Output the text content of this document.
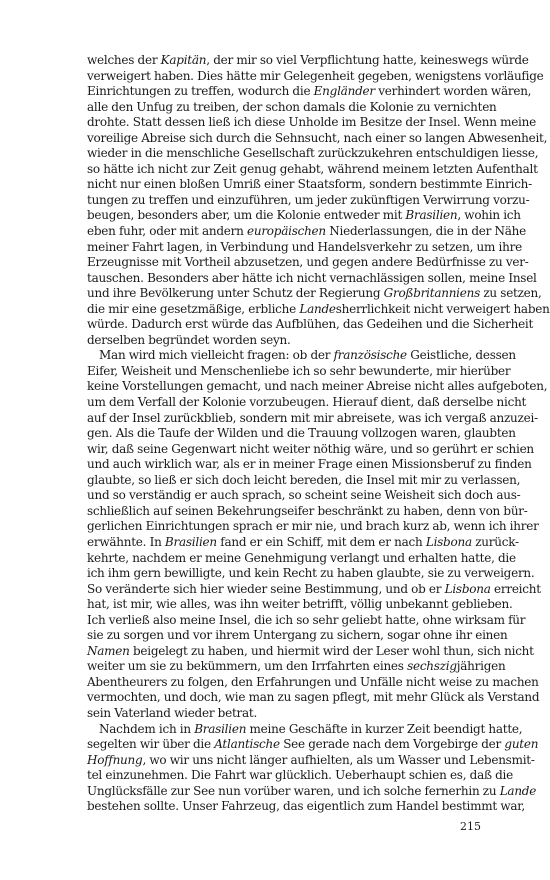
welches der Kapitän, der mir so viel Verpflichtung hatte, keineswegs würde
verweigert haben. Dies hätte mir Gelegenheit gegeben, wenigstens vorläufige
Einrichtungen zu treffen, wodurch die Engländer verhindert worden wären,
alle den Unfug zu treiben, der schon damals die Kolonie zu vernichten
drohte. Statt dessen ließ ich diese Unholde im Besitze der Insel. Wenn meine
voreilige Abreise sich durch die Sehnsucht, nach einer so langen Abwesenheit,
wieder in die menschliche Gesellschaft zurückzukehren entschuldigen liesse,
so hätte ich nicht zur Zeit genug gehabt, während meinem letzten Aufenthalt
nicht nur einen bloßen Umriß einer Staatsform, sondern bestimmte Einrich-
tungen zu treffen und einzuführen, um jeder zukünftigen Verwirrung vorzu-
beugen, besonders aber, um die Kolonie entweder mit Brasilien, wohin ich
eben fuhr, oder mit andern europäischen Niederlassungen, die in der Nähe
meiner Fahrt lagen, in Verbindung und Handelsverkehr zu setzen, um ihre
Erzeugnisse mit Vortheil abzusetzen, und gegen andere Bedürfnisse zu ver-
tauschen. Besonders aber hätte ich nicht vernachlässigen sollen, meine Insel
und ihre Bevölkerung unter Schutz der Regierung Großbritanniens zu setzen,
die mir eine gesetzmäßige, erbliche Landesherrlichkeit nicht verweigert haben
würde. Dadurch erst würde das Aufblühen, das Gedeihen und die Sicherheit
derselben begründet worden seyn.
Man wird mich vielleicht fragen: ob der französische Geistliche, dessen
Eifer, Weisheit und Menschenliebe ich so sehr bewunderte, mir hierüber
keine Vorstellungen gemacht, und nach meiner Abreise nicht alles aufgeboten,
um dem Verfall der Kolonie vorzubeugen. Hierauf dient, daß derselbe nicht
auf der Insel zurückblieb, sondern mit mir abreisete, was ich vergaß anzuzei-
gen. Als die Taufe der Wilden und die Trauung vollzogen waren, glaubten
wir, daß seine Gegenwart nicht weiter nöthig wäre, und so gerührt er schien
und auch wirklich war, als er in meiner Frage einen Missionsberuf zu finden
glaubte, so ließ er sich doch leicht bereden, die Insel mit mir zu verlassen,
und so verständig er auch sprach, so scheint seine Weisheit sich doch aus-
schließlich auf seinen Bekehrungseifer beschränkt zu haben, denn von bür-
gerlichen Einrichtungen sprach er mir nie, und brach kurz ab, wenn ich ihrer
erwähnte. In Brasilien fand er ein Schiff, mit dem er nach Lisbona zurück-
kehrte, nachdem er meine Genehmigung verlangt und erhalten hatte, die
ich ihm gern bewilligte, und kein Recht zu haben glaubte, sie zu verweigern.
So veränderte sich hier wieder seine Bestimmung, und ob er Lisbona erreicht
hat, ist mir, wie alles, was ihn weiter betrifft, völlig unbekannt geblieben.
Ich verließ also meine Insel, die ich so sehr geliebt hatte, ohne wirksam für
sie zu sorgen und vor ihrem Untergang zu sichern, sogar ohne ihr einen
Namen beigelegt zu haben, und hiermit wird der Leser wohl thun, sich nicht
weiter um sie zu bekümmern, um den Irrfahrten eines sechszigjährigen
Abentheurers zu folgen, den Erfahrungen und Unfälle nicht weise zu machen
vermochten, und doch, wie man zu sagen pflegt, mit mehr Glück als Verstand
sein Vaterland wieder betrat.
Nachdem ich in Brasilien meine Geschäfte in kurzer Zeit beendigt hatte,
segelten wir über die Atlantische See gerade nach dem Vorgebirge der guten
Hoffnung, wo wir uns nicht länger aufhielten, als um Wasser und Lebensmit-
tel einzunehmen. Die Fahrt war glücklich. Ueberhaupt schien es, daß die
Unglücksfälle zur See nun vorüber waren, und ich solche fernerhin zu Lande
bestehen sollte. Unser Fahrzeug, das eigentlich zum Handel bestimmt war,
215
